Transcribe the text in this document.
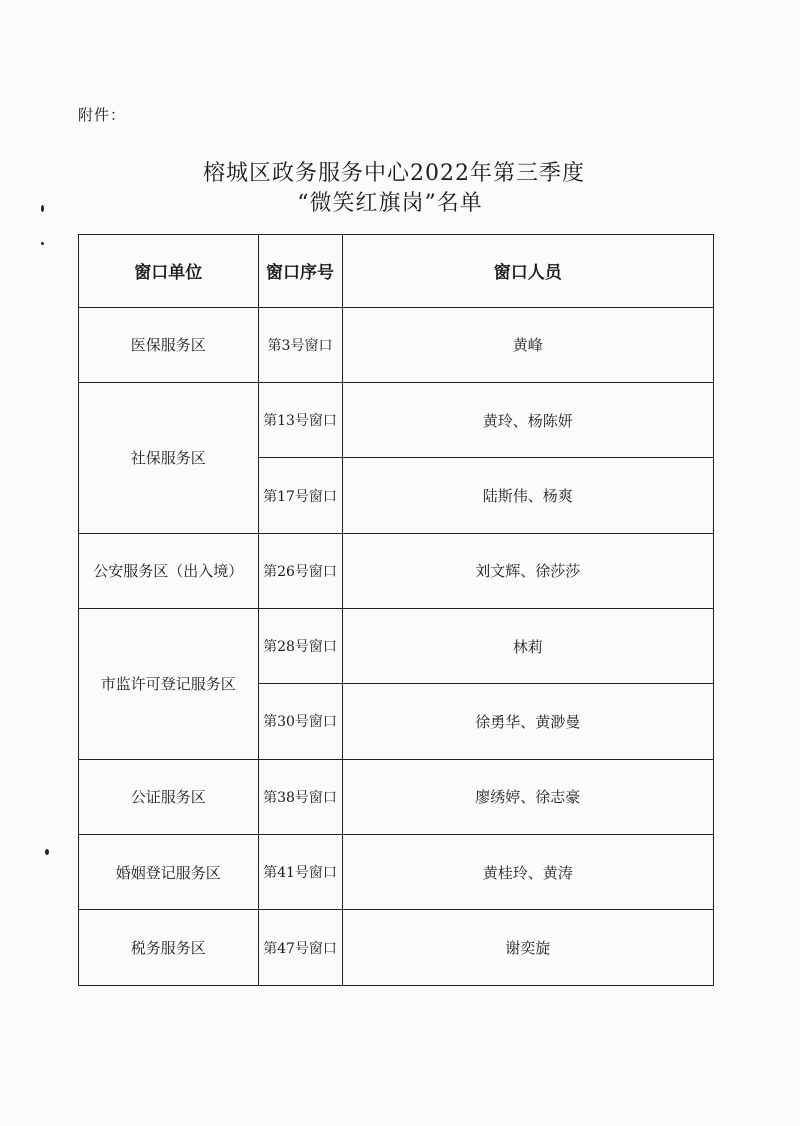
附件：
榕城区政务服务中心2022年第三季度
“微笑红旗岗”名单
窗口单位	窗口序号	窗口人员
医保服务区	第3号窗口	黄峰
社保服务区	第13号窗口	黄玲、杨陈妍
	第17号窗口	陆斯伟、杨爽
公安服务区（出入境）	第26号窗口	刘文辉、徐莎莎
市监许可登记服务区	第28号窗口	林莉
	第30号窗口	徐勇华、黄渺曼
公证服务区	第38号窗口	廖绣婷、徐志豪
婚姻登记服务区	第41号窗口	黄桂玲、黄涛
税务服务区	第47号窗口	谢奕旋
